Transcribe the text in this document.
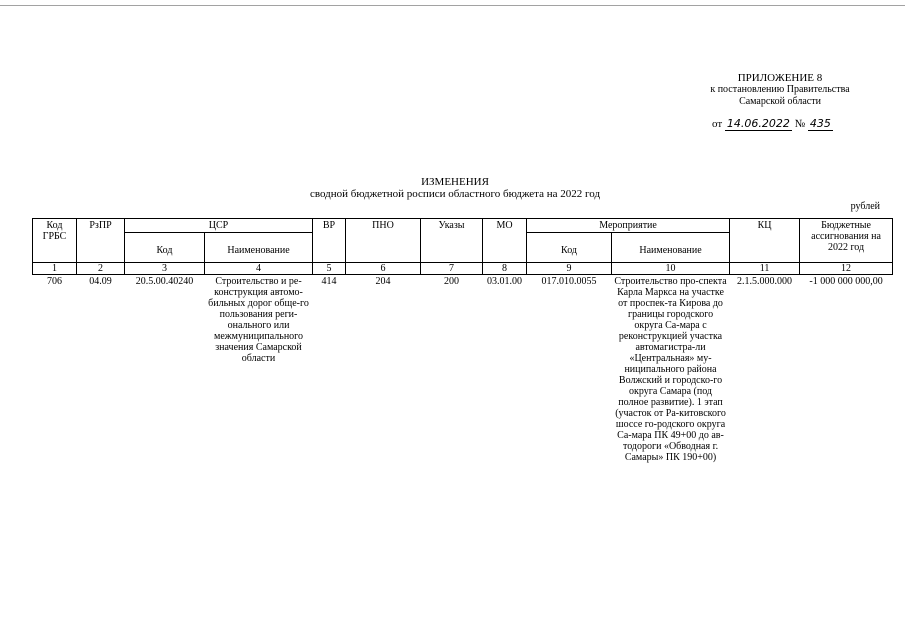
ПРИЛОЖЕНИЕ 8
к постановлению Правительства
Самарской области
от 14.06.2022 № 435
ИЗМЕНЕНИЯ
сводной бюджетной росписи областного бюджета на 2022 год
рублей
Код ГРБС	РзПР	ЦСР		ВР	ПНО	Указы	МО	Мероприятие		КЦ	Бюджетные ассигнования на 2022 год
		Код	Наименование					Код	Наименование		
1	2	3	4	5	6	7	8	9	10	11	12
706	04.09	20.5.00.40240	Строительство и ре-конструкция автомо-бильных дорог обще-го пользования реги-онального или межмуниципального значения Самарской области	414	204	200	03.01.00	017.010.0055	Строительство про-спекта Карла Маркса на участке от проспек-та Кирова до границы городского округа Са-мара с реконструкцией участка автомагистра-ли «Центральная» му-ниципального района Волжский и городско-го округа Самара (под полное развитие). 1 этап (участок от Ра-китовского шоссе го-родского округа Са-мара ПК 49+00 до ав-тодороги «Обводная г. Самары» ПК 190+00)	2.1.5.000.000	-1 000 000 000,00
